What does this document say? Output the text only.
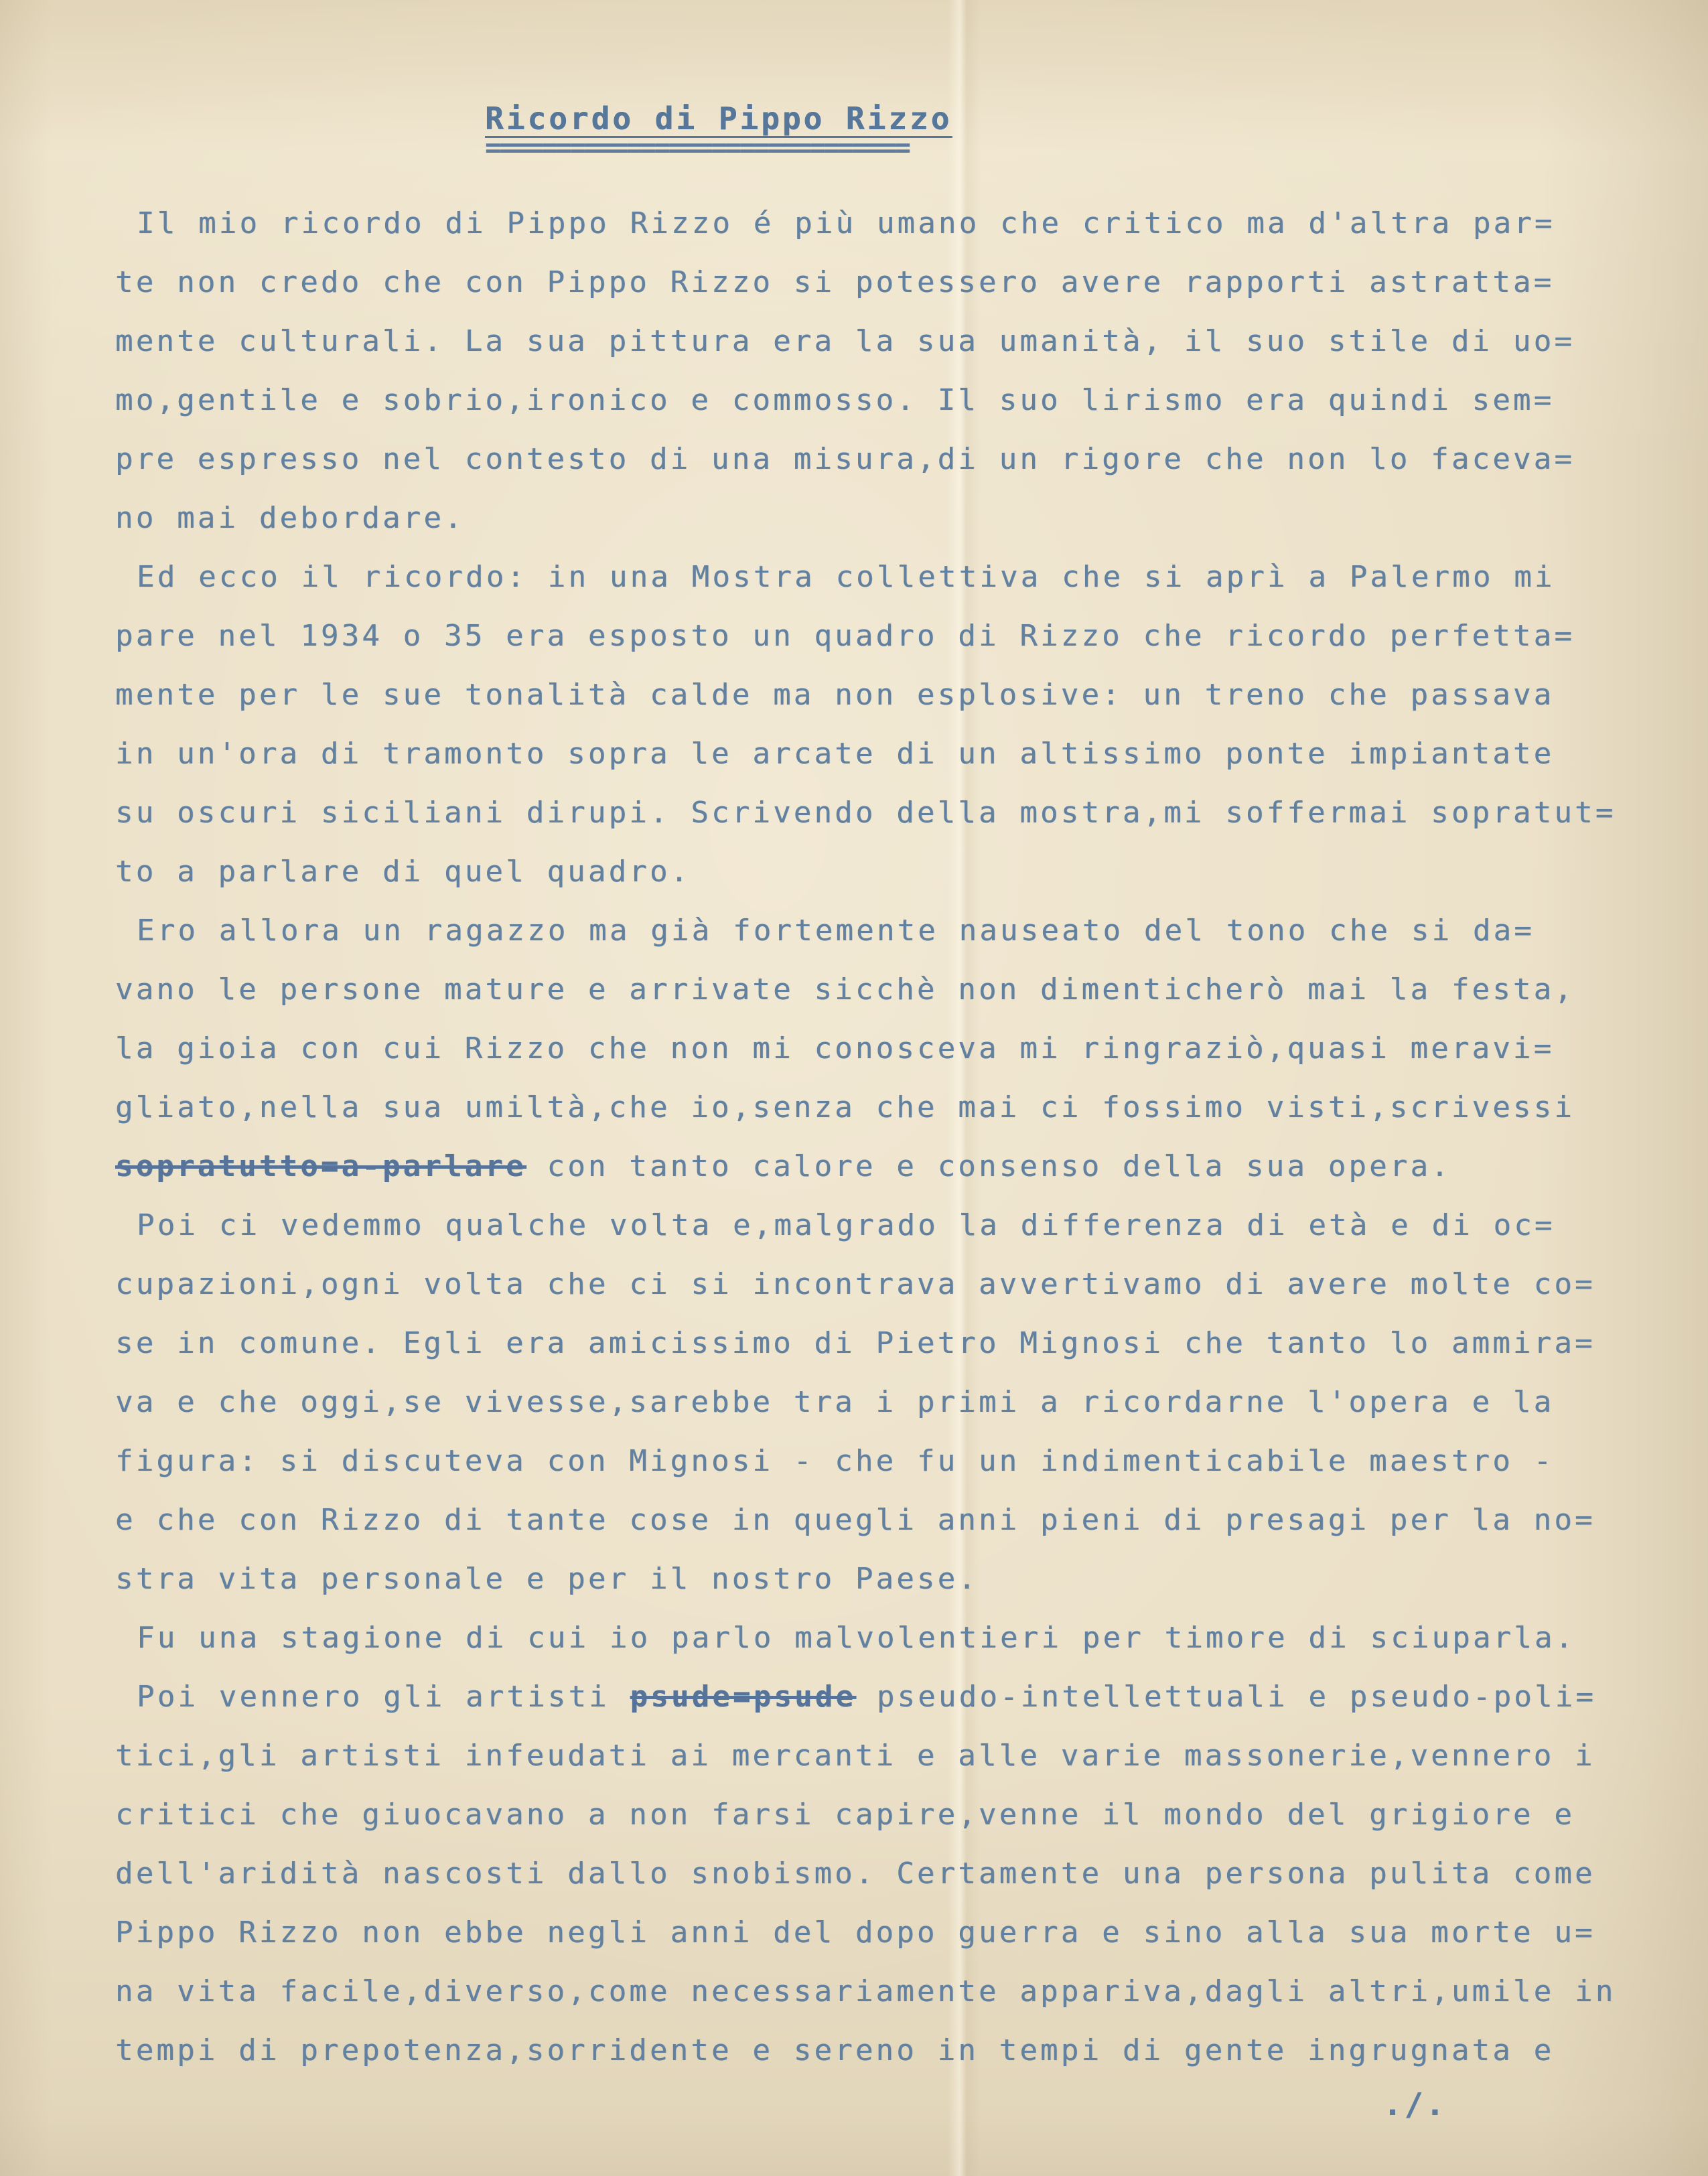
Ricordo di Pippo Rizzo
==============================
Il mio ricordo di Pippo Rizzo é più umano che critico ma d'altra par=
te non credo che con Pippo Rizzo si potessero avere rapporti astratta=
mente culturali. La sua pittura era la sua umanità, il suo stile di uo=
mo,gentile e sobrio,ironico e commosso. Il suo lirismo era quindi sem=
pre espresso nel contesto di una misura,di un rigore che non lo faceva=
no mai debordare.
Ed ecco il ricordo: in una Mostra collettiva che si aprì a Palermo mi
pare nel 1934 o 35 era esposto un quadro di Rizzo che ricordo perfetta=
mente per le sue tonalità calde ma non esplosive: un treno che passava
in un'ora di tramonto sopra le arcate di un altissimo ponte impiantate
su oscuri siciliani dirupi. Scrivendo della mostra,mi soffermai sopratut=
to a parlare di quel quadro.
Ero allora un ragazzo ma già fortemente nauseato del tono che si da=
vano le persone mature e arrivate sicchè non dimenticherò mai la festa,
la gioia con cui Rizzo che non mi conosceva mi ringraziò,quasi meravi=
gliato,nella sua umiltà,che io,senza che mai ci fossimo visti,scrivessi
sopratutto=a-parlare con tanto calore e consenso della sua opera.
Poi ci vedemmo qualche volta e,malgrado la differenza di età e di oc=
cupazioni,ogni volta che ci si incontrava avvertivamo di avere molte co=
se in comune. Egli era amicissimo di Pietro Mignosi che tanto lo ammira=
va e che oggi,se vivesse,sarebbe tra i primi a ricordarne l'opera e la
figura: si discuteva con Mignosi - che fu un indimenticabile maestro -
e che con Rizzo di tante cose in quegli anni pieni di presagi per la no=
stra vita personale e per il nostro Paese.
Fu una stagione di cui io parlo malvolentieri per timore di sciuparla.
Poi vennero gli artisti psude=psude pseudo-intellettuali e pseudo-poli=
tici,gli artisti infeudati ai mercanti e alle varie massonerie,vennero i
critici che giuocavano a non farsi capire,venne il mondo del grigiore e
dell'aridità nascosti dallo snobismo. Certamente una persona pulita come
Pippo Rizzo non ebbe negli anni del dopo guerra e sino alla sua morte u=
na vita facile,diverso,come necessariamente appariva,dagli altri,umile in
tempi di prepotenza,sorridente e sereno in tempi di gente ingrugnata e
./.
